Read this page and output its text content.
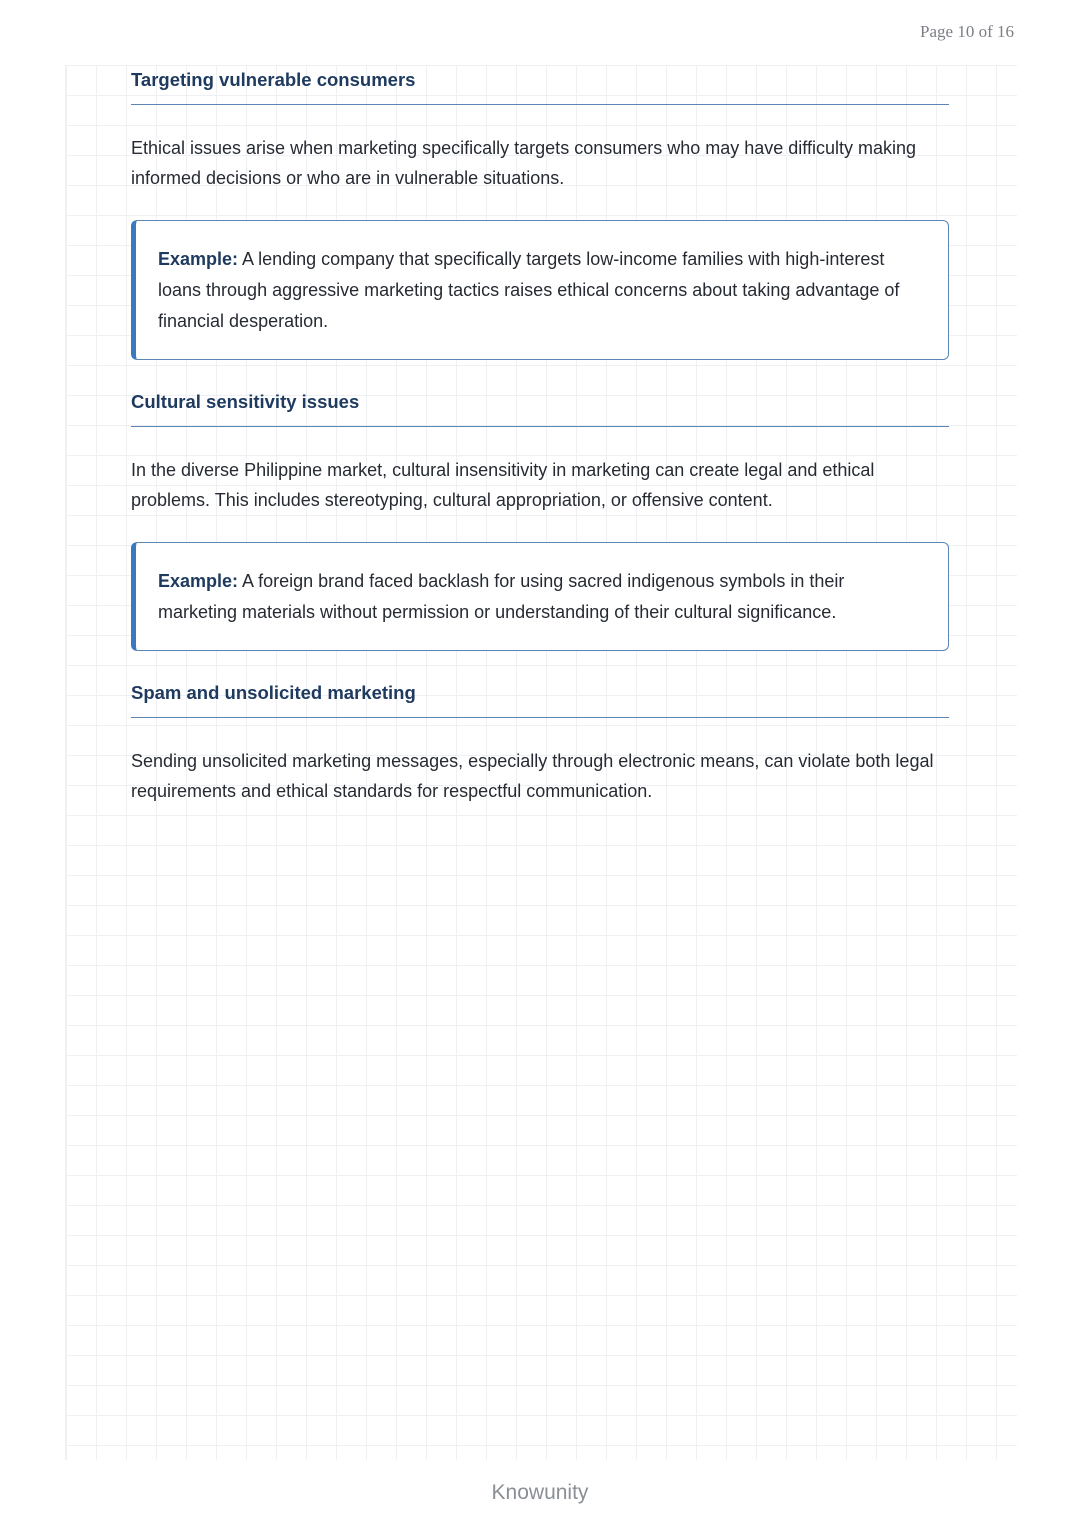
Page 10 of 16

Targeting vulnerable consumers

Ethical issues arise when marketing specifically targets consumers who may have difficulty making informed decisions or who are in vulnerable situations.

Example: A lending company that specifically targets low-income families with high-interest loans through aggressive marketing tactics raises ethical concerns about taking advantage of financial desperation.
Cultural sensitivity issues

In the diverse Philippine market, cultural insensitivity in marketing can create legal and ethical problems. This includes stereotyping, cultural appropriation, or offensive content.

Example: A foreign brand faced backlash for using sacred indigenous symbols in their marketing materials without permission or understanding of their cultural significance.
Spam and unsolicited marketing

Sending unsolicited marketing messages, especially through electronic means, can violate both legal requirements and ethical standards for respectful communication.

Knowunity
